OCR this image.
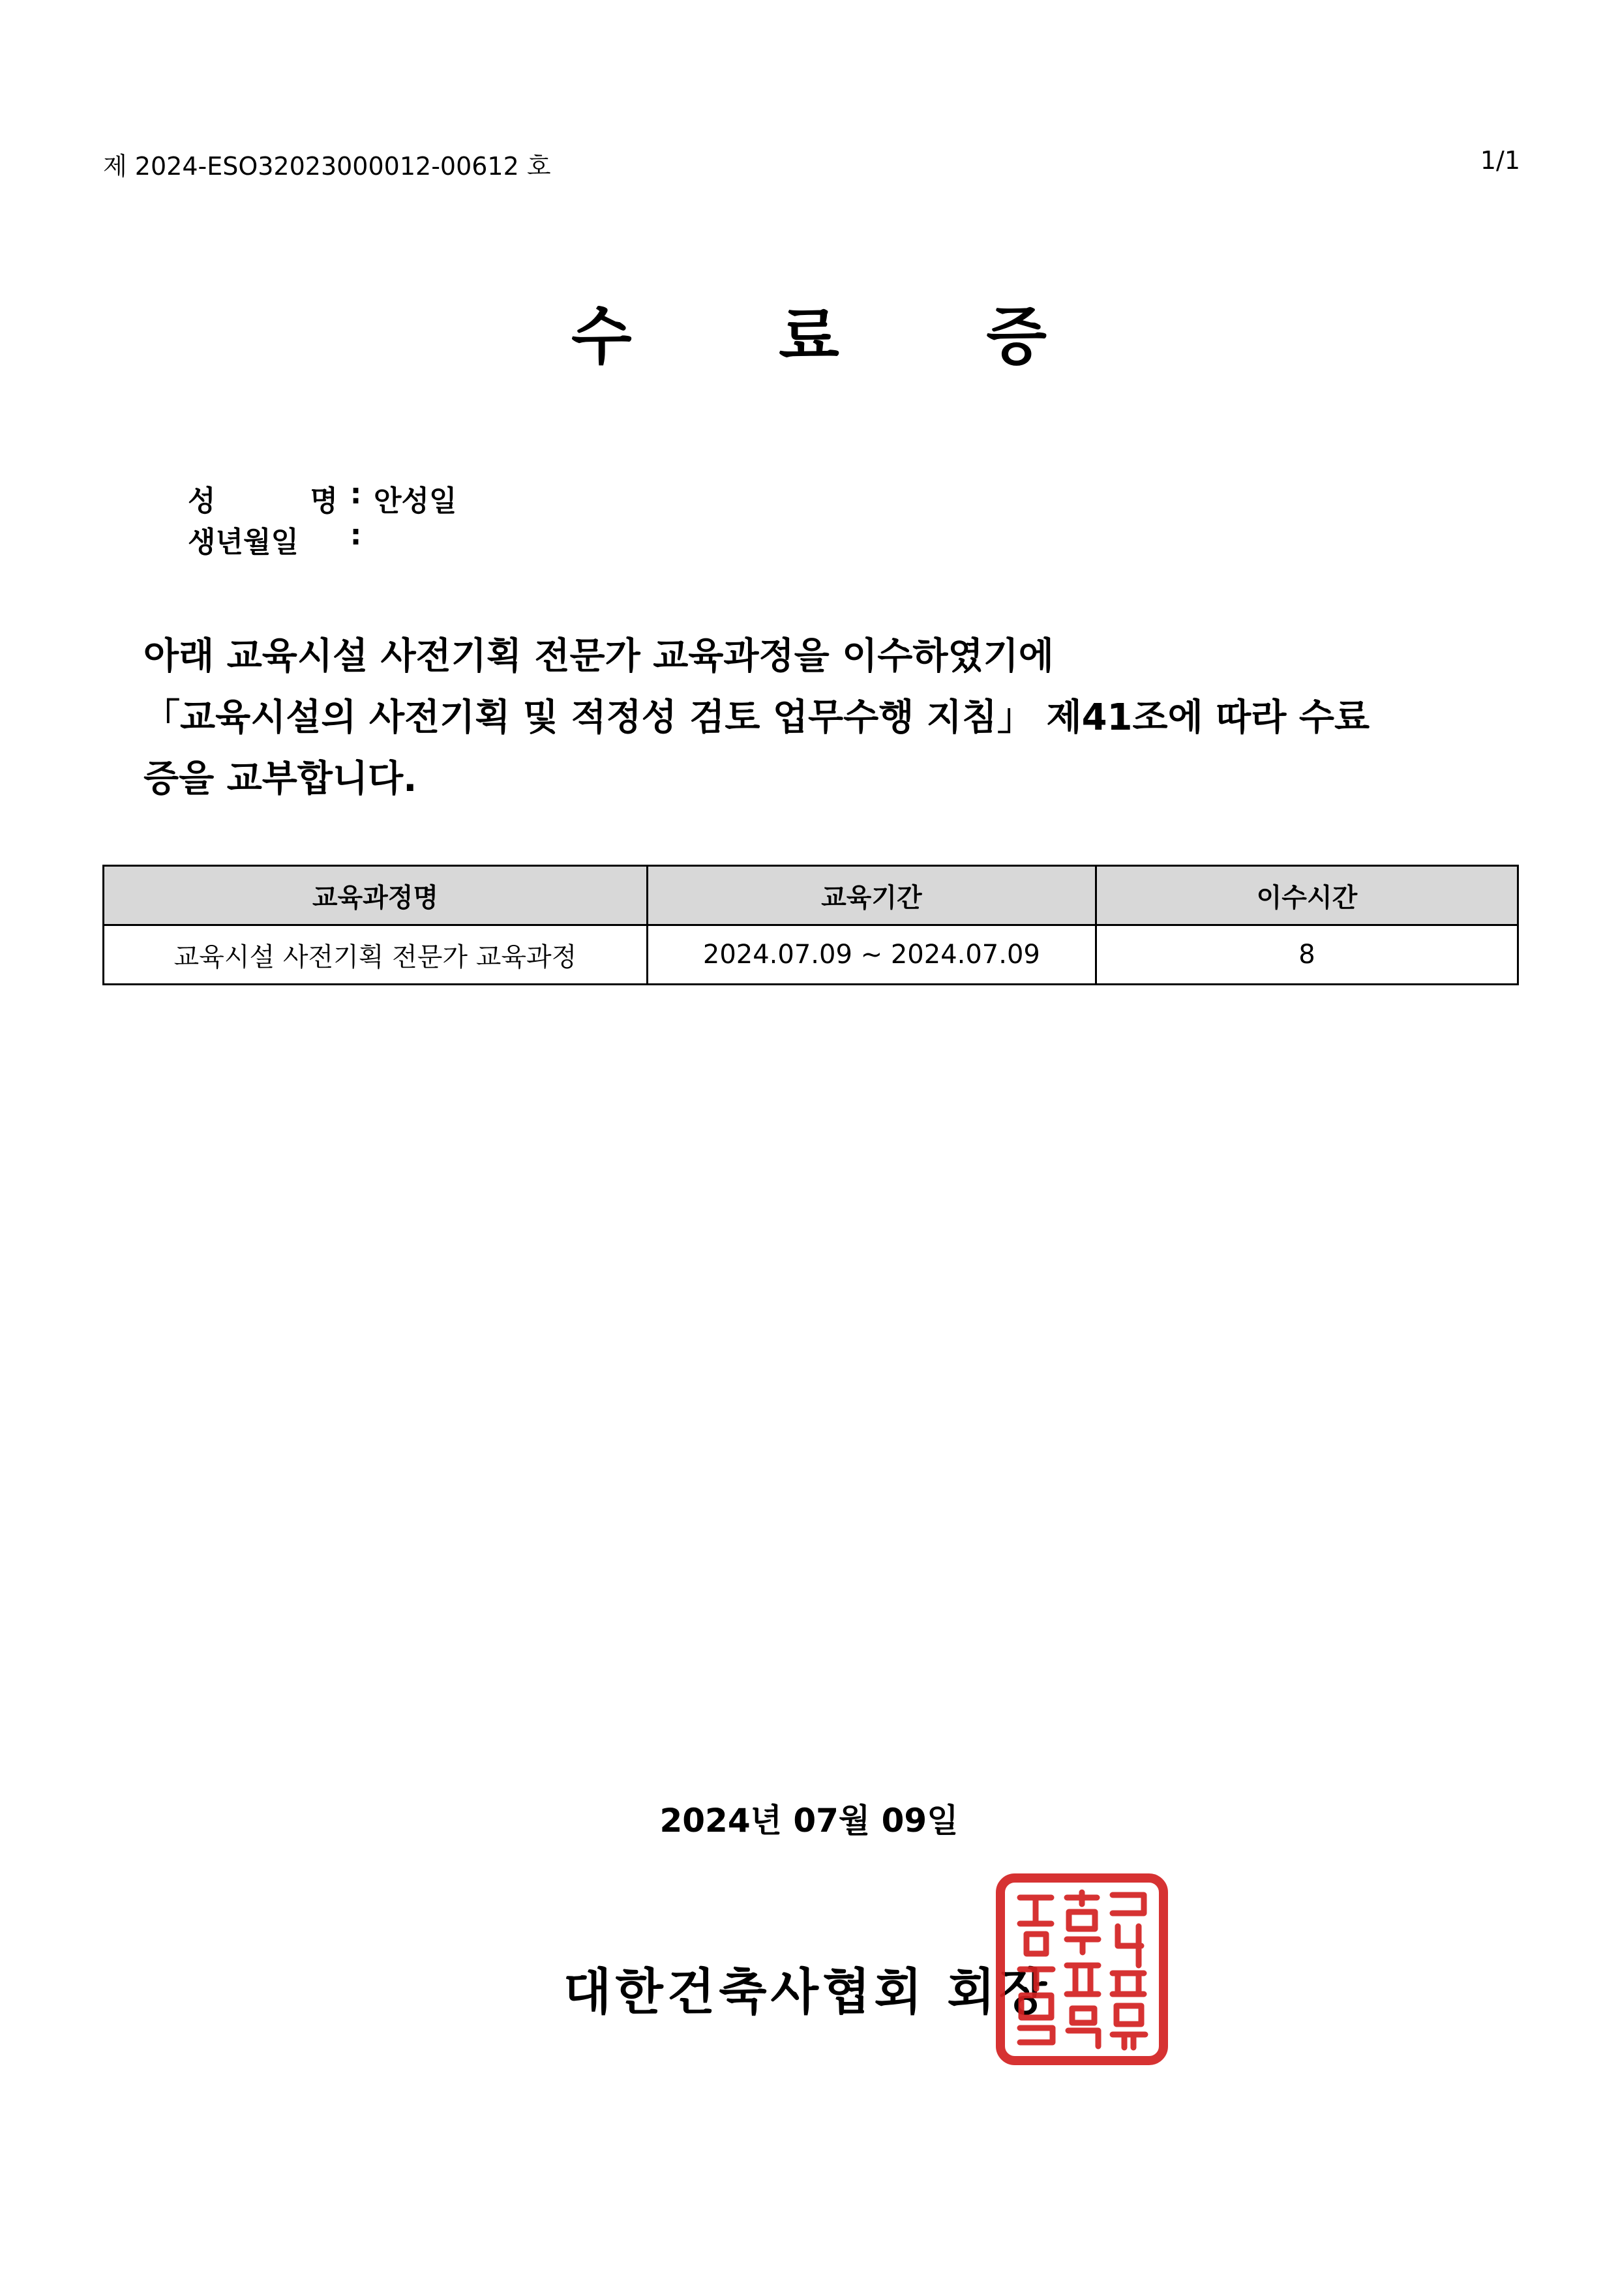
제 2024-ESO32023000012-00612 호	1/1
수 료 증
성	명 : 안성일
생년월일	:
아래 교육시설 사전기획 전문가 교육과정을 이수하였기에
「교육시설의 사전기획 및 적정성 검토 업무수행 지침」 제41조에 따라 수료
증을 교부합니다.
교육과정명	교육기간	이수시간
교육시설 사전기획 전문가 교육과정	2024.07.09 ~ 2024.07.09	8
2024년 07월 09일
대한건축사협회 회장
